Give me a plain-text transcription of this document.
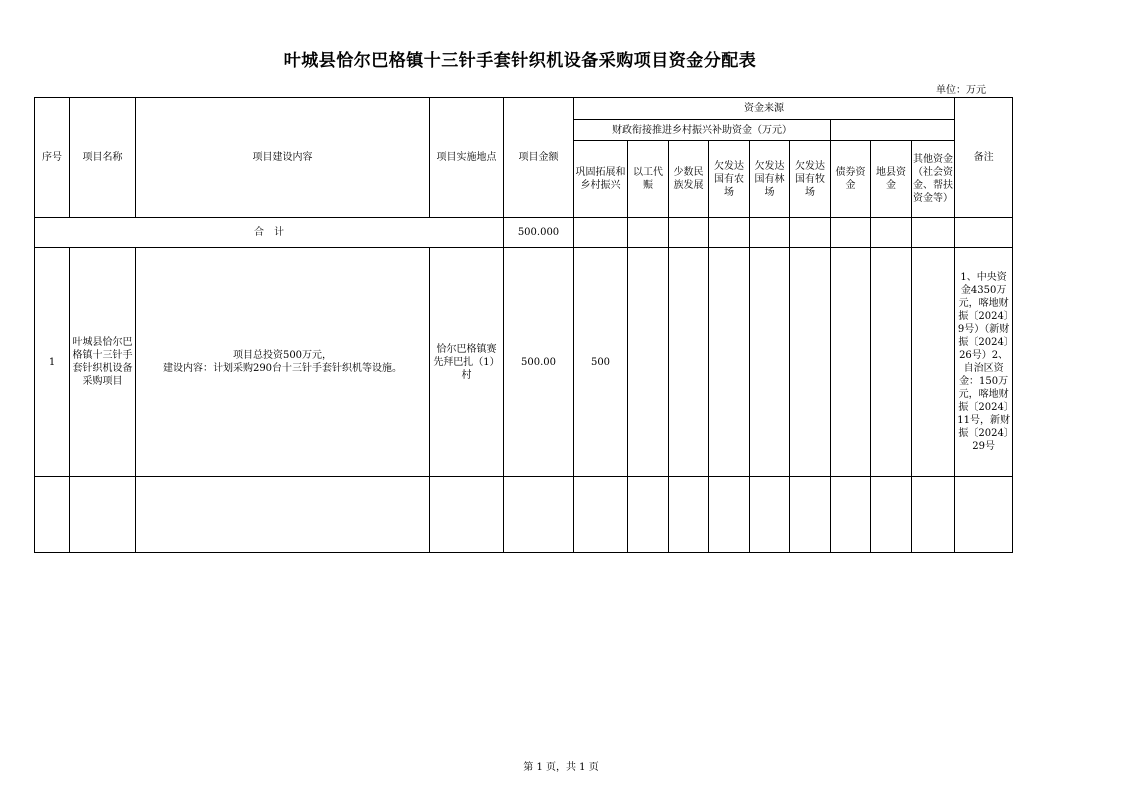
叶城县恰尔巴格镇十三针手套针织机设备采购项目资金分配表
单位：万元
序号	项目名称	项目建设内容	项目实施地点	项目金额	资金来源									备注
					财政衔接推进乡村振兴补助资金（万元）									
					巩固拓展和乡村振兴	以工代赈	少数民族发展	欠发达国有农场	欠发达国有林场	欠发达国有牧场	债券资金	地县资金	其他资金（社会资金、帮扶资金等）	
合　计				500.000										
1	叶城县恰尔巴格镇十三针手套针织机设备采购项目	项目总投资500万元，
建设内容：计划采购290台十三针手套针织机等设施。	恰尔巴格镇赛先拜巴扎（1）村	500.00	500									1、中央资金4350万元，喀地财振〔2024〕9号）（新财振〔2024〕26号）2、自治区资金：150万元，喀地财振〔2024〕11号，新财振〔2024〕29号

第 1 页，共 1 页
